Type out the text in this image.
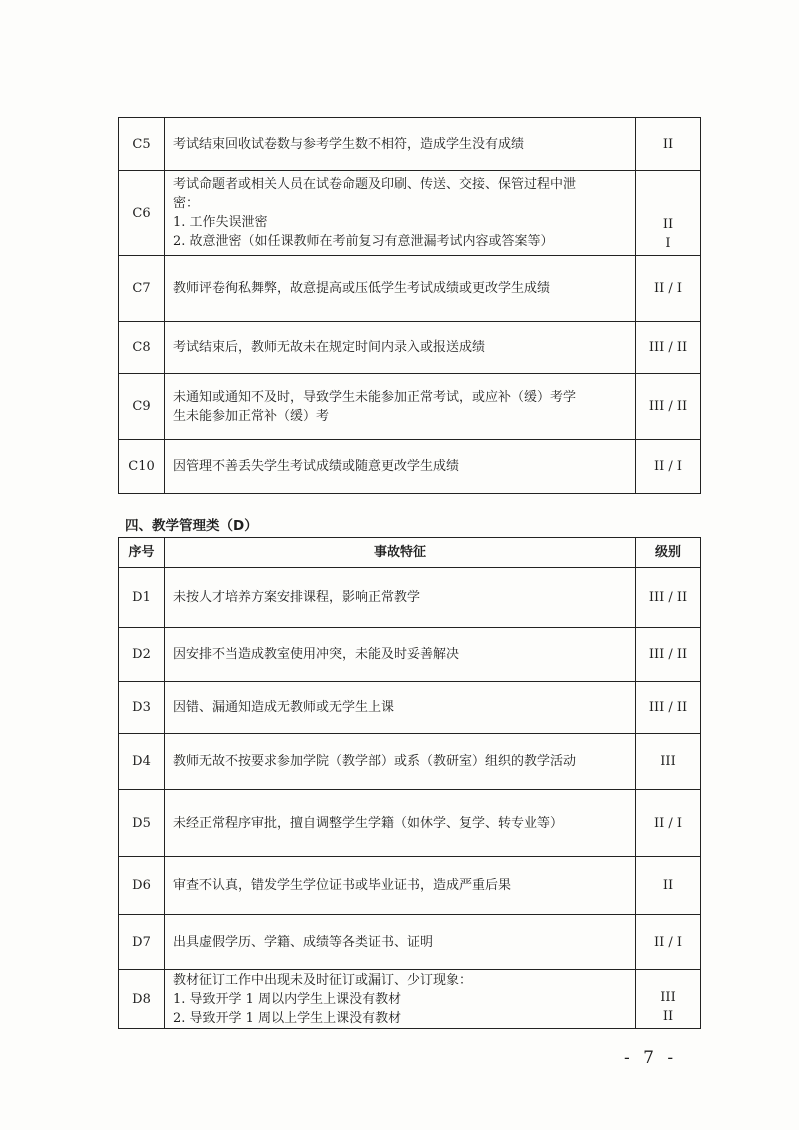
C5	考试结束回收试卷数与参考学生数不相符，造成学生没有成绩	II

C6	考试命题者或相关人员在试卷命题及印刷、传送、交接、保管过程中泄
密：
1. 工作失误泄密
2. 故意泄密（如任课教师在考前复习有意泄漏考试内容或答案等）	II
I

C7	教师评卷徇私舞弊，故意提高或压低学生考试成绩或更改学生成绩	II / I

C8	考试结束后，教师无故未在规定时间内录入或报送成绩	III / II

C9	未通知或通知不及时，导致学生未能参加正常考试，或应补（缓）考学
生未能参加正常补（缓）考	III / II

C10	因管理不善丢失学生考试成绩或随意更改学生成绩	II / I
四、教学管理类（D）
序号	事故特征	级别
D1	未按人才培养方案安排课程，影响正常教学	III / II

D2	因安排不当造成教室使用冲突，未能及时妥善解决	III / II

D3	因错、漏通知造成无教师或无学生上课	III / II

D4	教师无故不按要求参加学院（教学部）或系（教研室）组织的教学活动	III

D5	未经正常程序审批，擅自调整学生学籍（如休学、复学、转专业等）	II / I

D6	审查不认真，错发学生学位证书或毕业证书，造成严重后果	II

D7	出具虚假学历、学籍、成绩等各类证书、证明	II / I

D8	教材征订工作中出现未及时征订或漏订、少订现象：
1. 导致开学 1 周以内学生上课没有教材
2. 导致开学 1 周以上学生上课没有教材	III
II
- 7 -
